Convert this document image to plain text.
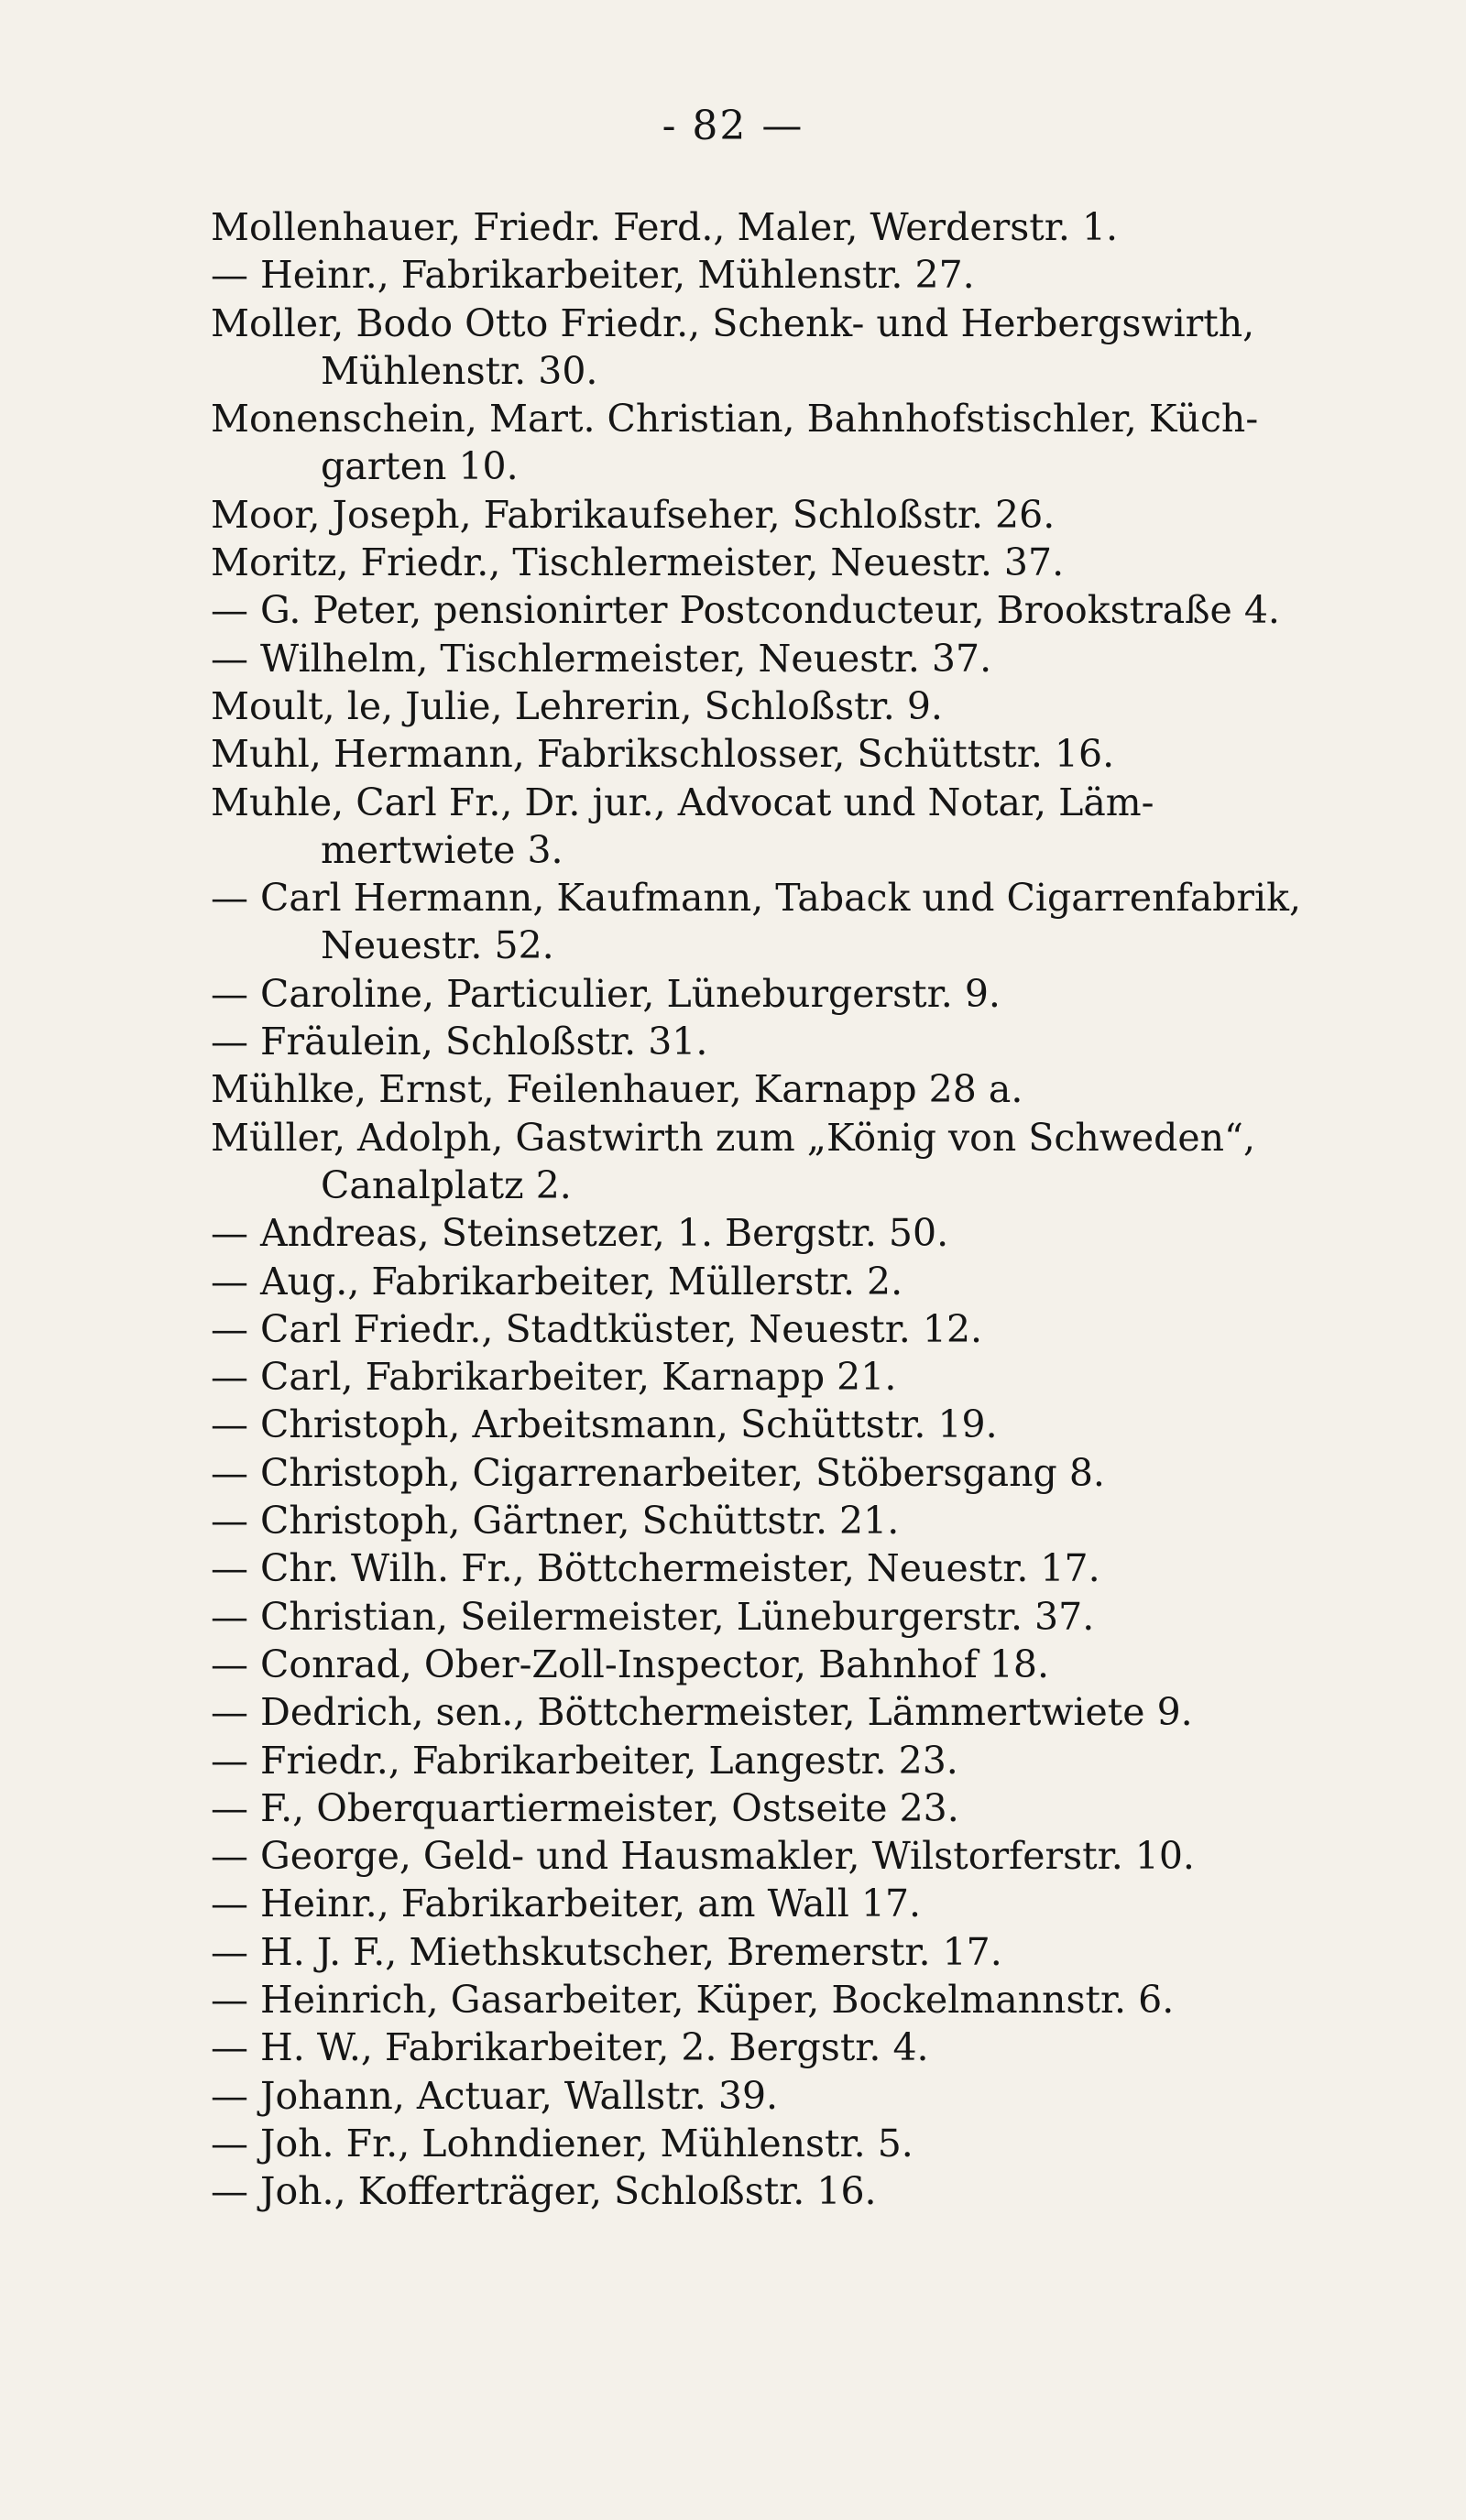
- 82 —
Mollenhauer, Friedr. Ferd., Maler, Werderstr. 1.
— Heinr., Fabrikarbeiter, Mühlenstr. 27.
Moller, Bodo Otto Friedr., Schenk- und Herbergswirth,
Mühlenstr. 30.
Monenschein, Mart. Christian, Bahnhofstischler, Küch-
garten 10.
Moor, Joseph, Fabrikaufseher, Schloßstr. 26.
Moritz, Friedr., Tischlermeister, Neuestr. 37.
— G. Peter, pensionirter Postconducteur, Brookstraße 4.
— Wilhelm, Tischlermeister, Neuestr. 37.
Moult, le, Julie, Lehrerin, Schloßstr. 9.
Muhl, Hermann, Fabrikschlosser, Schüttstr. 16.
Muhle, Carl Fr., Dr. jur., Advocat und Notar, Läm-
mertwiete 3.
— Carl Hermann, Kaufmann, Taback und Cigarrenfabrik,
Neuestr. 52.
— Caroline, Particulier, Lüneburgerstr. 9.
— Fräulein, Schloßstr. 31.
Mühlke, Ernst, Feilenhauer, Karnapp 28 a.
Müller, Adolph, Gastwirth zum „König von Schweden“,
Canalplatz 2.
— Andreas, Steinsetzer, 1. Bergstr. 50.
— Aug., Fabrikarbeiter, Müllerstr. 2.
— Carl Friedr., Stadtküster, Neuestr. 12.
— Carl, Fabrikarbeiter, Karnapp 21.
— Christoph, Arbeitsmann, Schüttstr. 19.
— Christoph, Cigarrenarbeiter, Stöbersgang 8.
— Christoph, Gärtner, Schüttstr. 21.
— Chr. Wilh. Fr., Böttchermeister, Neuestr. 17.
— Christian, Seilermeister, Lüneburgerstr. 37.
— Conrad, Ober-Zoll-Inspector, Bahnhof 18.
— Dedrich, sen., Böttchermeister, Lämmertwiete 9.
— Friedr., Fabrikarbeiter, Langestr. 23.
— F., Oberquartiermeister, Ostseite 23.
— George, Geld- und Hausmakler, Wilstorferstr. 10.
— Heinr., Fabrikarbeiter, am Wall 17.
— H. J. F., Miethskutscher, Bremerstr. 17.
— Heinrich, Gasarbeiter, Küper, Bockelmannstr. 6.
— H. W., Fabrikarbeiter, 2. Bergstr. 4.
— Johann, Actuar, Wallstr. 39.
— Joh. Fr., Lohndiener, Mühlenstr. 5.
— Joh., Kofferträger, Schloßstr. 16.
